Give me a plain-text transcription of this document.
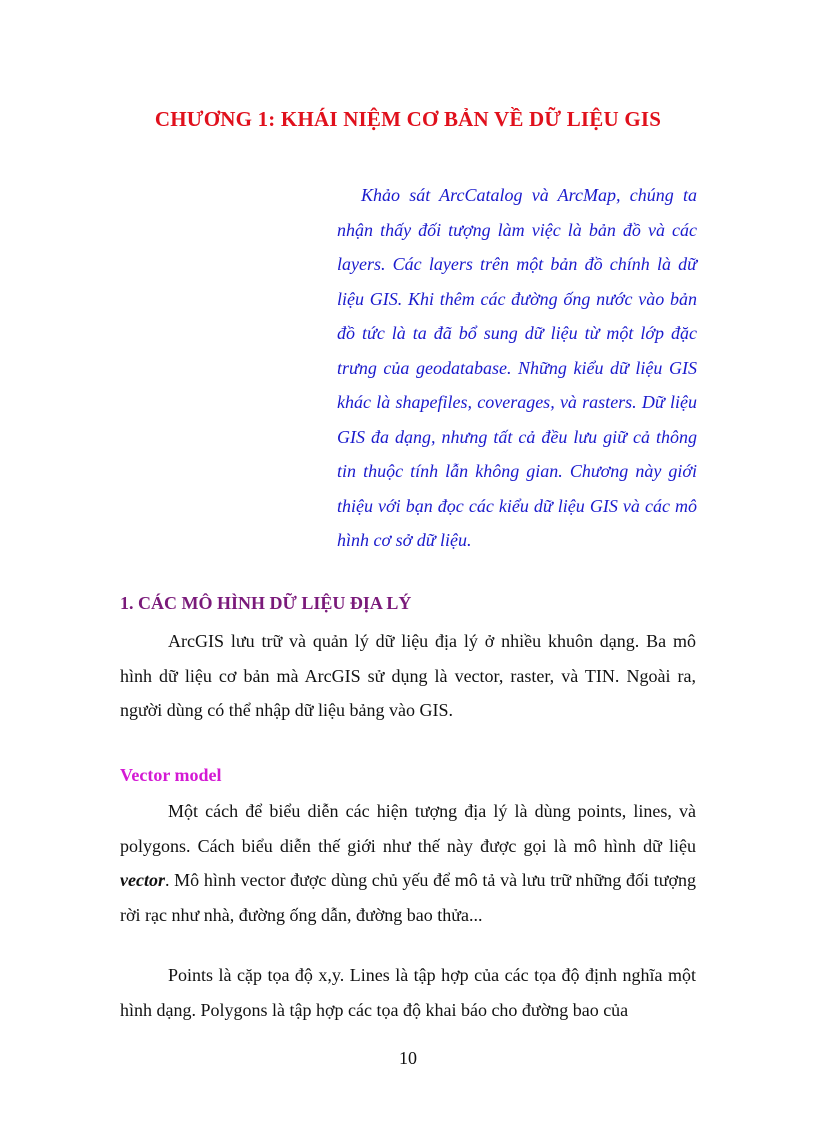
CHƯƠNG 1: KHÁI NIỆM CƠ BẢN VỀ DỮ LIỆU GIS

Khảo sát ArcCatalog và ArcMap, chúng ta nhận thấy đối tượng làm việc là bản đồ và các layers. Các layers trên một bản đồ chính là dữ liệu GIS. Khi thêm các đường ống nước vào bản đồ tức là ta đã bổ sung dữ liệu từ một lớp đặc trưng của geodatabase. Những kiểu dữ liệu GIS khác là shapefiles, coverages, và rasters. Dữ liệu GIS đa dạng, nhưng tất cả đều lưu giữ cả thông tin thuộc tính lẫn không gian. Chương này giới thiệu với bạn đọc các kiểu dữ liệu GIS và các mô hình cơ sở dữ liệu.

1. CÁC MÔ HÌNH DỮ LIỆU ĐỊA LÝ

ArcGIS lưu trữ và quản lý dữ liệu địa lý ở nhiều khuôn dạng. Ba mô hình dữ liệu cơ bản mà ArcGIS sử dụng là vector, raster, và TIN. Ngoài ra, người dùng có thể nhập dữ liệu bảng vào GIS.

Vector model

Một cách để biểu diễn các hiện tượng địa lý là dùng points, lines, và polygons. Cách biểu diễn thế giới như thế này được gọi là mô hình dữ liệu vector. Mô hình vector được dùng chủ yếu để mô tả và lưu trữ những đối tượng rời rạc như nhà, đường ống dẫn, đường bao thửa...

Points là cặp tọa độ x,y. Lines là tập hợp của các tọa độ định nghĩa một hình dạng. Polygons là tập hợp các tọa độ khai báo cho đường bao của

10
